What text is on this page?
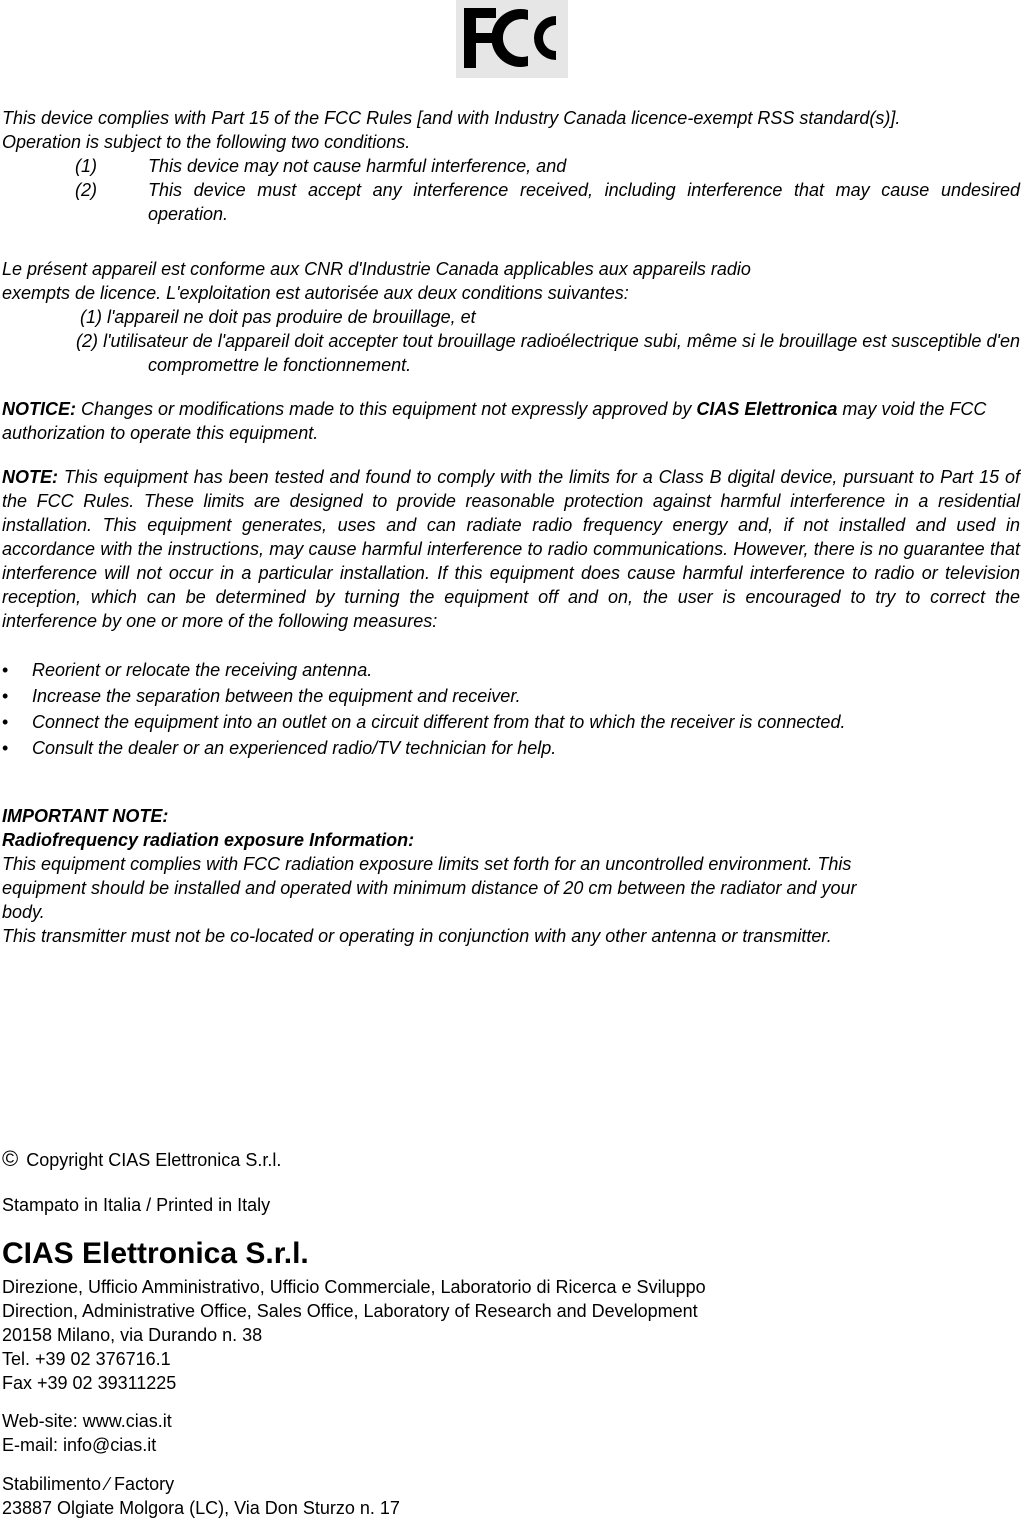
This device complies with Part 15 of the FCC Rules [and with Industry Canada licence-exempt RSS standard(s)].
Operation is subject to the following two conditions.
(1)	This device may not cause harmful interference, and
(2)	This device must accept any interference received, including interference that may cause undesired operation.
Le présent appareil est conforme aux CNR d'Industrie Canada applicables aux appareils radio
exempts de licence. L'exploitation est autorisée aux deux conditions suivantes:
(1) l'appareil ne doit pas produire de brouillage, et
(2) l'utilisateur de l'appareil doit accepter tout brouillage radioélectrique subi, même si le brouillage est susceptible d'en compromettre le fonctionnement.
NOTICE: Changes or modifications made to this equipment not expressly approved by CIAS Elettronica may void the FCC authorization to operate this equipment.
NOTE: This equipment has been tested and found to comply with the limits for a Class B digital device, pursuant to Part 15 of the FCC Rules. These limits are designed to provide reasonable protection against harmful interference in a residential installation. This equipment generates, uses and can radiate radio frequency energy and, if not installed and used in accordance with the instructions, may cause harmful interference to radio communications. However, there is no guarantee that interference will not occur in a particular installation. If this equipment does cause harmful interference to radio or television reception, which can be determined by turning the equipment off and on, the user is encouraged to try to correct the interference by one or more of the following measures:
• Reorient or relocate the receiving antenna.
• Increase the separation between the equipment and receiver.
• Connect the equipment into an outlet on a circuit different from that to which the receiver is connected.
• Consult the dealer or an experienced radio/TV technician for help.
IMPORTANT NOTE:
Radiofrequency radiation exposure Information:
This equipment complies with FCC radiation exposure limits set forth for an uncontrolled environment. This
equipment should be installed and operated with minimum distance of 20 cm between the radiator and your
body.
This transmitter must not be co-located or operating in conjunction with any other antenna or transmitter.
© Copyright CIAS Elettronica S.r.l.
Stampato in Italia / Printed in Italy
CIAS Elettronica S.r.l.
Direzione, Ufficio Amministrativo, Ufficio Commerciale, Laboratorio di Ricerca e Sviluppo
Direction, Administrative Office, Sales Office, Laboratory of Research and Development
20158 Milano, via Durando n. 38
Tel. +39 02 376716.1
Fax +39 02 39311225
Web-site: www.cias.it
E-mail: info@cias.it
Stabilimento ⁄ Factory
23887 Olgiate Molgora (LC), Via Don Sturzo n. 17
